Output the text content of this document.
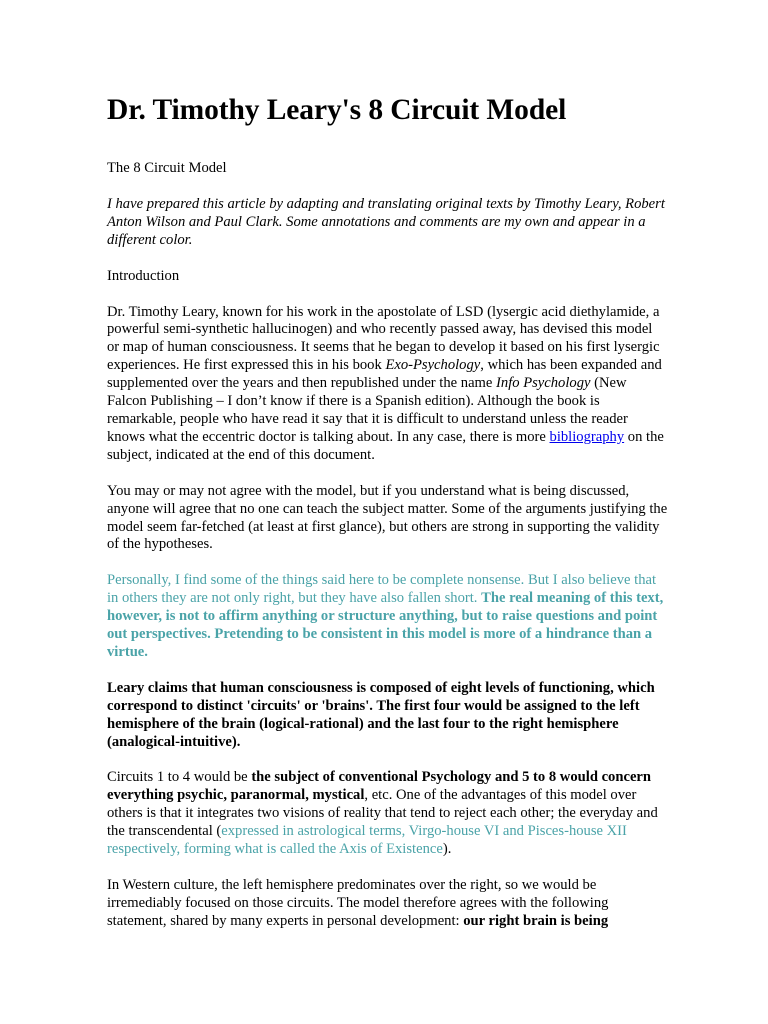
Dr. Timothy Leary's 8 Circuit Model

The 8 Circuit Model

I have prepared this article by adapting and translating original texts by Timothy Leary, Robert Anton Wilson and Paul Clark. Some annotations and comments are my own and appear in a different color.

Introduction

Dr. Timothy Leary, known for his work in the apostolate of LSD (lysergic acid diethylamide, a powerful semi-synthetic hallucinogen) and who recently passed away, has devised this model or map of human consciousness. It seems that he began to develop it based on his first lysergic experiences. He first expressed this in his book Exo-Psychology, which has been expanded and supplemented over the years and then republished under the name Info Psychology (New Falcon Publishing – I don’t know if there is a Spanish edition). Although the book is remarkable, people who have read it say that it is difficult to understand unless the reader knows what the eccentric doctor is talking about. In any case, there is more bibliography on the subject, indicated at the end of this document.

You may or may not agree with the model, but if you understand what is being discussed, anyone will agree that no one can teach the subject matter. Some of the arguments justifying the model seem far-fetched (at least at first glance), but others are strong in supporting the validity of the hypotheses.

Personally, I find some of the things said here to be complete nonsense. But I also believe that in others they are not only right, but they have also fallen short. The real meaning of this text, however, is not to affirm anything or structure anything, but to raise questions and point out perspectives. Pretending to be consistent in this model is more of a hindrance than a virtue.

Leary claims that human consciousness is composed of eight levels of functioning, which correspond to distinct 'circuits' or 'brains'. The first four would be assigned to the left hemisphere of the brain (logical-rational) and the last four to the right hemisphere (analogical-intuitive).

Circuits 1 to 4 would be the subject of conventional Psychology and 5 to 8 would concern everything psychic, paranormal, mystical, etc. One of the advantages of this model over others is that it integrates two visions of reality that tend to reject each other; the everyday and the transcendental (expressed in astrological terms, Virgo-house VI and Pisces-house XII respectively, forming what is called the Axis of Existence).

In Western culture, the left hemisphere predominates over the right, so we would be irremediably focused on those circuits. The model therefore agrees with the following statement, shared by many experts in personal development: our right brain is being
